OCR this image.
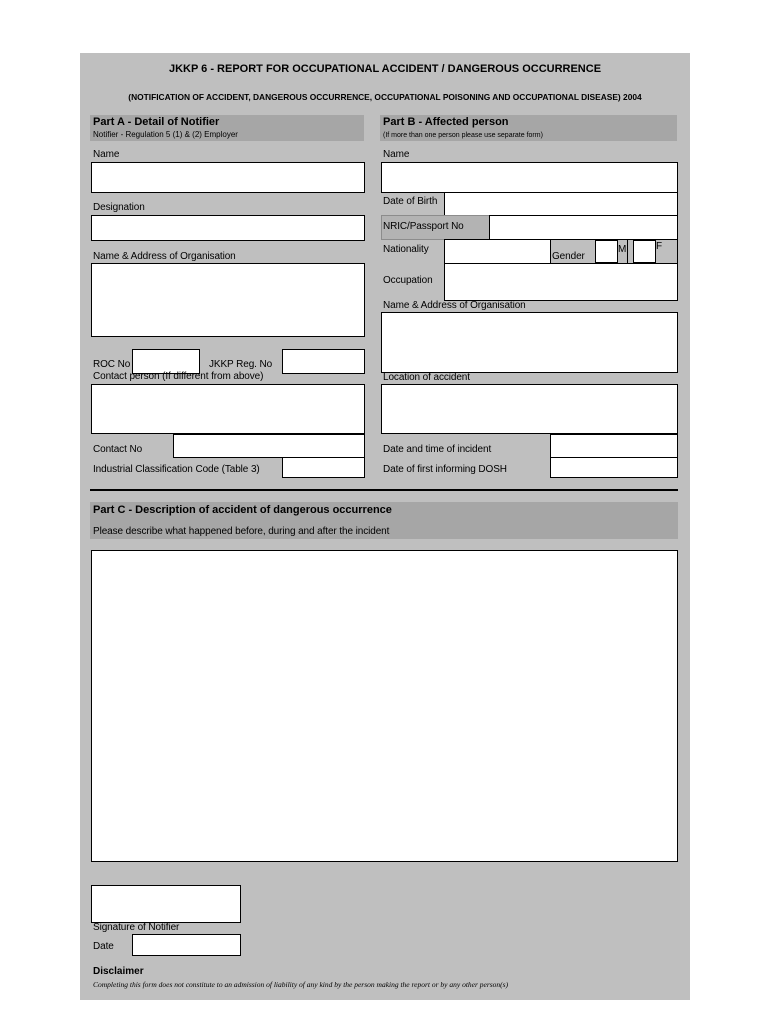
JKKP 6 - REPORT FOR OCCUPATIONAL ACCIDENT / DANGEROUS OCCURRENCE
(NOTIFICATION OF ACCIDENT, DANGEROUS OCCURRENCE, OCCUPATIONAL POISONING AND OCCUPATIONAL DISEASE) 2004
Part A - Detail of Notifier
Notifier - Regulation 5 (1) & (2) Employer
Name
Designation
Name & Address of Organisation
ROC No	JKKP Reg. No
Contact person (If different from above)
Contact No
Industrial Classification Code (Table 3)
Part B - Affected person
(If more than one person please use separate form)
Name
Date of Birth
NRIC/Passport No
Nationality
Gender
M	F
Occupation
Name & Address of Organisation
Location of accident
Date and time of incident
Date of first informing DOSH
Part C - Description of accident of dangerous occurrence
Please describe what happened before, during and after the incident
Signature of Notifier
Date
Disclaimer
Completing this form does not constitute to an admission of liability of any kind by the person making the report or by any other person(s)
